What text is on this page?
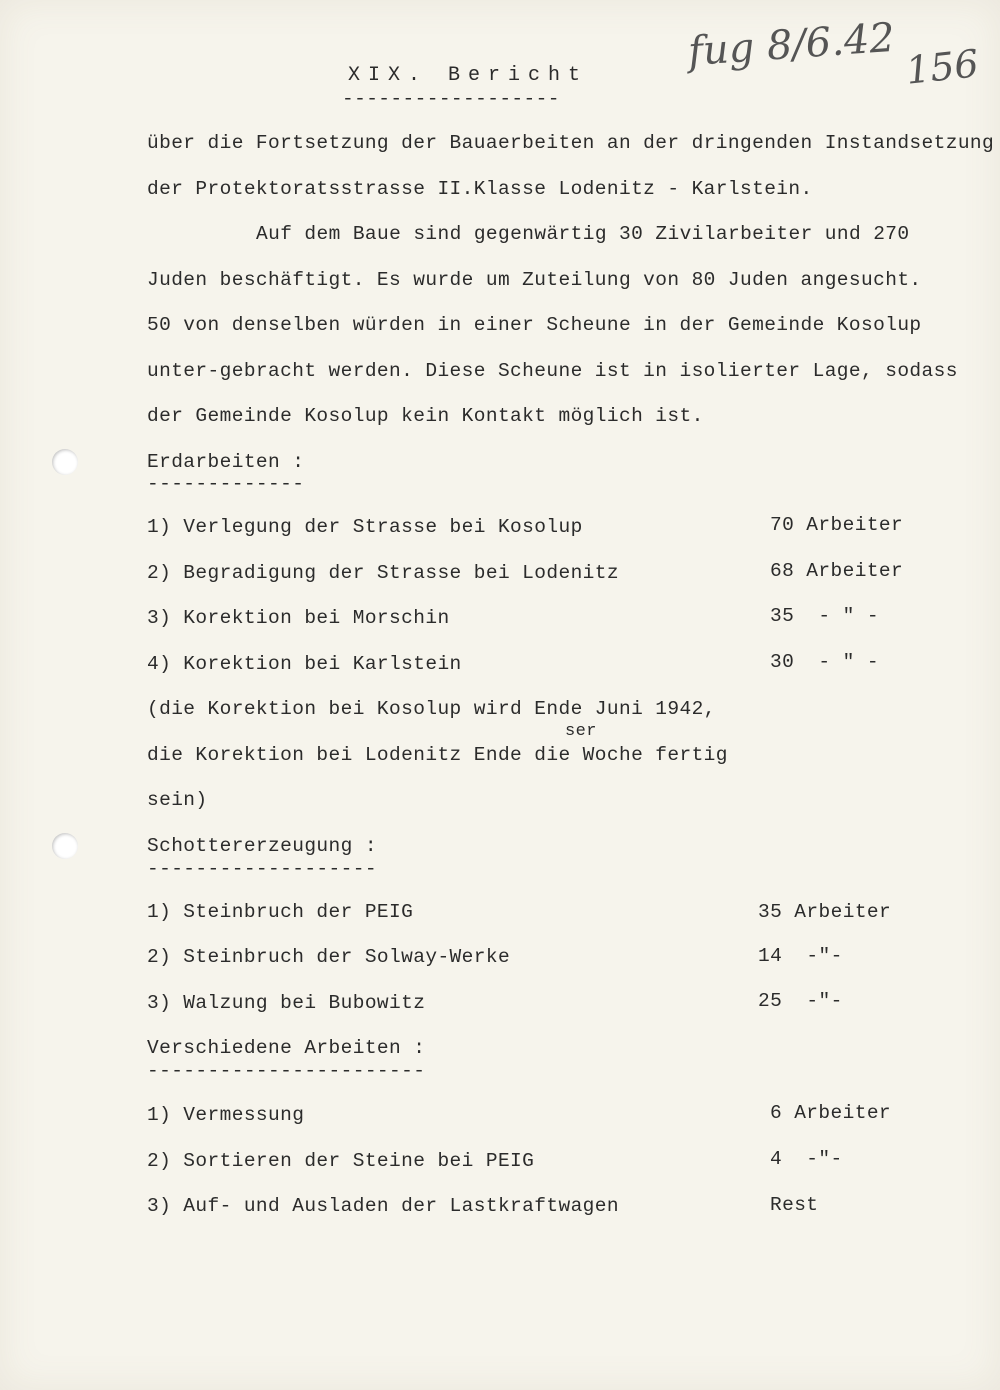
fug 8/6.42 156
XIX. Bericht
------------------
über die Fortsetzung der Bauaerbeiten an der dringenden Instandsetzung
der Protektoratsstrasse II.Klasse Lodenitz - Karlstein.
Auf dem Baue sind gegenwärtig 30 Zivilarbeiter und 270
Juden beschäftigt. Es wurde um Zuteilung von 80 Juden angesucht.
50 von denselben würden in einer Scheune in der Gemeinde Kosolup
unter-gebracht werden. Diese Scheune ist in isolierter Lage, sodass
der Gemeinde Kosolup kein Kontakt möglich ist.
Erdarbeiten :
-------------
1) Verlegung der Strasse bei Kosolup	70 Arbeiter
2) Begradigung der Strasse bei Lodenitz	68 Arbeiter
3) Korektion bei Morschin	35  - " -
4) Korektion bei Karlstein	30  - " -
(die Korektion bei Kosolup wird Ende Juni 1942,
ser
die Korektion bei Lodenitz Ende die Woche fertig
sein)
Schottererzeugung :
-------------------
1) Steinbruch der PEIG	35 Arbeiter
2) Steinbruch der Solway-Werke	14  -"-
3) Walzung bei Bubowitz	25  -"-
Verschiedene Arbeiten :
-----------------------
1) Vermessung	6 Arbeiter
2) Sortieren der Steine bei PEIG	4  -"-
3) Auf- und Ausladen der Lastkraftwagen	Rest
